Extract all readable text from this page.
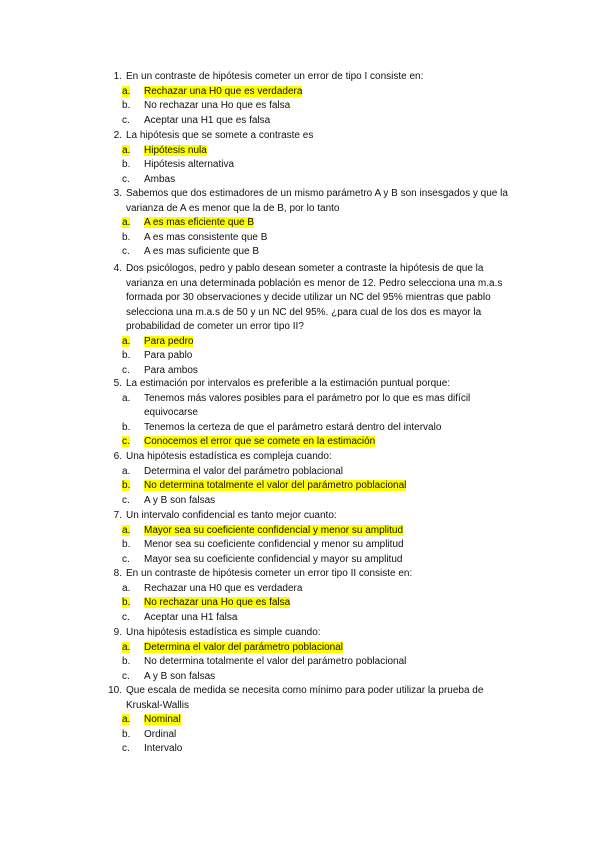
1. En un contraste de hipótesis cometer un error de tipo I consiste en:
a.	Rechazar una H0 que es verdadera
b.	No rechazar una Ho que es falsa
c.	Aceptar una H1 que es falsa
2. La hipótesis que se somete a contraste es
a.	Hipótesis nula
b.	Hipótesis alternativa
c.	Ambas
3. Sabemos que dos estimadores de un mismo parámetro A y B son insesgados y que la
varianza de A es menor que la de B, por lo tanto
a.	A es mas eficiente que B
b.	A es mas consistente que B
c.	A es mas suficiente que B
4. Dos psicólogos, pedro y pablo desean someter a contraste la hipótesis de que la
varianza en una determinada población es menor de 12. Pedro selecciona una m.a.s
formada por 30 observaciones y decide utilizar un NC del 95% mientras que pablo
selecciona una m.a.s de 50 y un NC del 95%. ¿para cual de los dos es mayor la
probabilidad de cometer un error tipo II?
a.	Para pedro
b.	Para pablo
c.	Para ambos
5. La estimación por intervalos es preferible a la estimación puntual porque:
a.	Tenemos más valores posibles para el parámetro por lo que es mas difícil
equivocarse
b.	Tenemos la certeza de que el parámetro estará dentro del intervalo
c.	Conocemos el error que se comete en la estimación
6. Una hipótesis estadística es compleja cuando:
a.	Determina el valor del parámetro poblacional
b.	No determina totalmente el valor del parámetro poblacional
c.	A y B son falsas
7. Un intervalo confidencial es tanto mejor cuanto:
a.	Mayor sea su coeficiente confidencial y menor su amplitud
b.	Menor sea su coeficiente confidencial y menor su amplitud
c.	Mayor sea su coeficiente confidencial y mayor su amplitud
8. En un contraste de hipótesis cometer un error tipo II consiste en:
a.	Rechazar una H0 que es verdadera
b.	No rechazar una Ho que es falsa
c.	Aceptar una H1 falsa
9. Una hipótesis estadística es simple cuando:
a.	Determina el valor del parámetro poblacional
b.	No determina totalmente el valor del parámetro poblacional
c.	A y B son falsas
10. Que escala de medida se necesita como mínimo para poder utilizar la prueba de
Kruskal-Wallis
a.	Nominal
b.	Ordinal
c.	Intervalo
